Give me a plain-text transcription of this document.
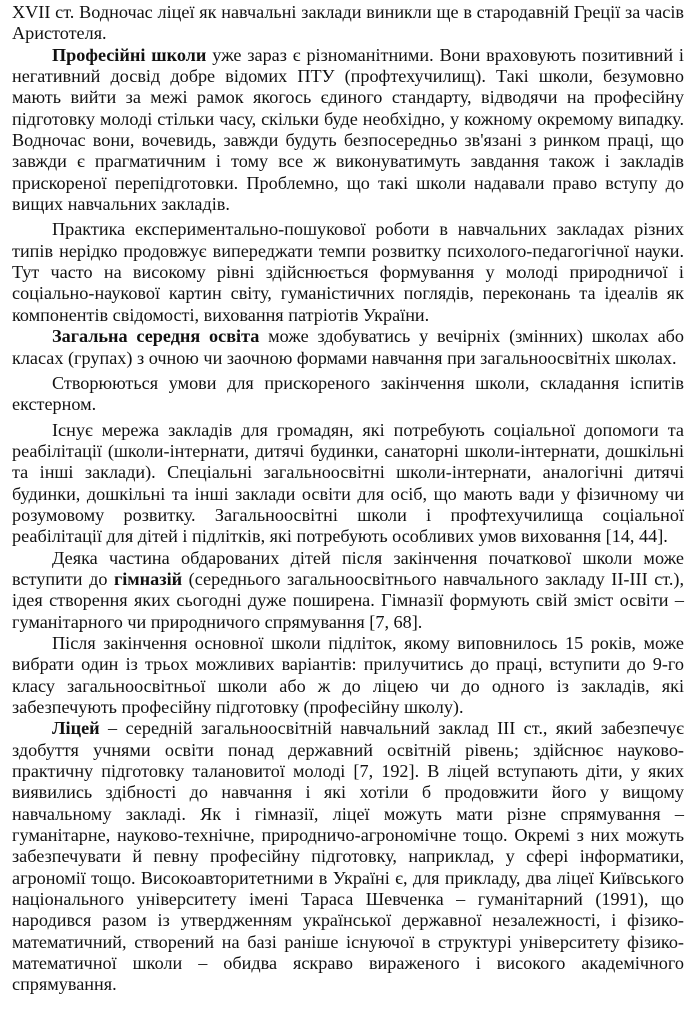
XVII ст. Водночас ліцеї як навчальні заклади виникли ще в стародавній Греції за часів Аристотеля.

Професійні школи уже зараз є різноманітними. Вони враховують позитивний і негативний досвід добре відомих ПТУ (профтехучилищ). Такі школи, безумовно мають вийти за межі рамок якогось єдиного стандарту, відводячи на професійну підготовку молоді стільки часу, скільки буде необхідно, у кожному окремому випадку. Водночас вони, вочевидь, завжди будуть безпосередньо зв'язані з ринком праці, що завжди є прагматичним і тому все ж виконуватимуть завдання також і закладів прискореної перепідготовки. Проблемно, що такі школи надавали право вступу до вищих навчальних закладів.

Практика експериментально-пошукової роботи в навчальних закладах різних типів нерідко продовжує випереджати темпи розвитку психолого-педагогічної науки. Тут часто на високому рівні здійснюється формування у молоді природничої і соціально-наукової картин світу, гуманістичних поглядів, переконань та ідеалів як компонентів свідомості, виховання патріотів України.

Загальна середня освіта може здобуватись у вечірніх (змінних) школах або класах (групах) з очною чи заочною формами навчання при загальноосвітніх школах.

Створюються умови для прискореного закінчення школи, складання іспитів екстерном.

Існує мережа закладів для громадян, які потребують соціальної допомоги та реабілітації (школи-інтернати, дитячі будинки, санаторні школи-інтернати, дошкільні та інші заклади). Спеціальні загальноосвітні школи-інтернати, аналогічні дитячі будинки, дошкільні та інші заклади освіти для осіб, що мають вади у фізичному чи розумовому розвитку. Загальноосвітні школи і профтехучилища соціальної реабілітації для дітей і підлітків, які потребують особливих умов виховання [14, 44].

Деяка частина обдарованих дітей після закінчення початкової школи може вступити до гімназій (середнього загальноосвітнього навчального закладу ІІ-ІІІ ст.), ідея створення яких сьогодні дуже поширена. Гімназії формують свій зміст освіти – гуманітарного чи природничого спрямування [7, 68].

Після закінчення основної школи підліток, якому виповнилось 15 років, може вибрати один із трьох можливих варіантів: прилучитись до праці, вступити до 9-го класу загальноосвітньої школи або ж до ліцею чи до одного із закладів, які забезпечують професійну підготовку (професійну школу).

Ліцей – середній загальноосвітній навчальний заклад ІІІ ст., який забезпечує здобуття учнями освіти понад державний освітній рівень; здійснює науково-практичну підготовку талановитої молоді [7, 192]. В ліцей вступають діти, у яких виявились здібності до навчання і які хотіли б продовжити його у вищому навчальному закладі. Як і гімназії, ліцеї можуть мати різне спрямування – гуманітарне, науково-технічне, природничо-агрономічне тощо. Окремі з них можуть забезпечувати й певну професійну підготовку, наприклад, у сфері інформатики, агрономії тощо. Високоавторитетними в Україні є, для прикладу, два ліцеї Київського національного університету імені Тараса Шевченка – гуманітарний (1991), що народився разом із утвердженням української державної незалежності, і фізико-математичний, створений на базі раніше існуючої в структурі університету фізико-математичної школи – обидва яскраво вираженого і високого академічного спрямування.
